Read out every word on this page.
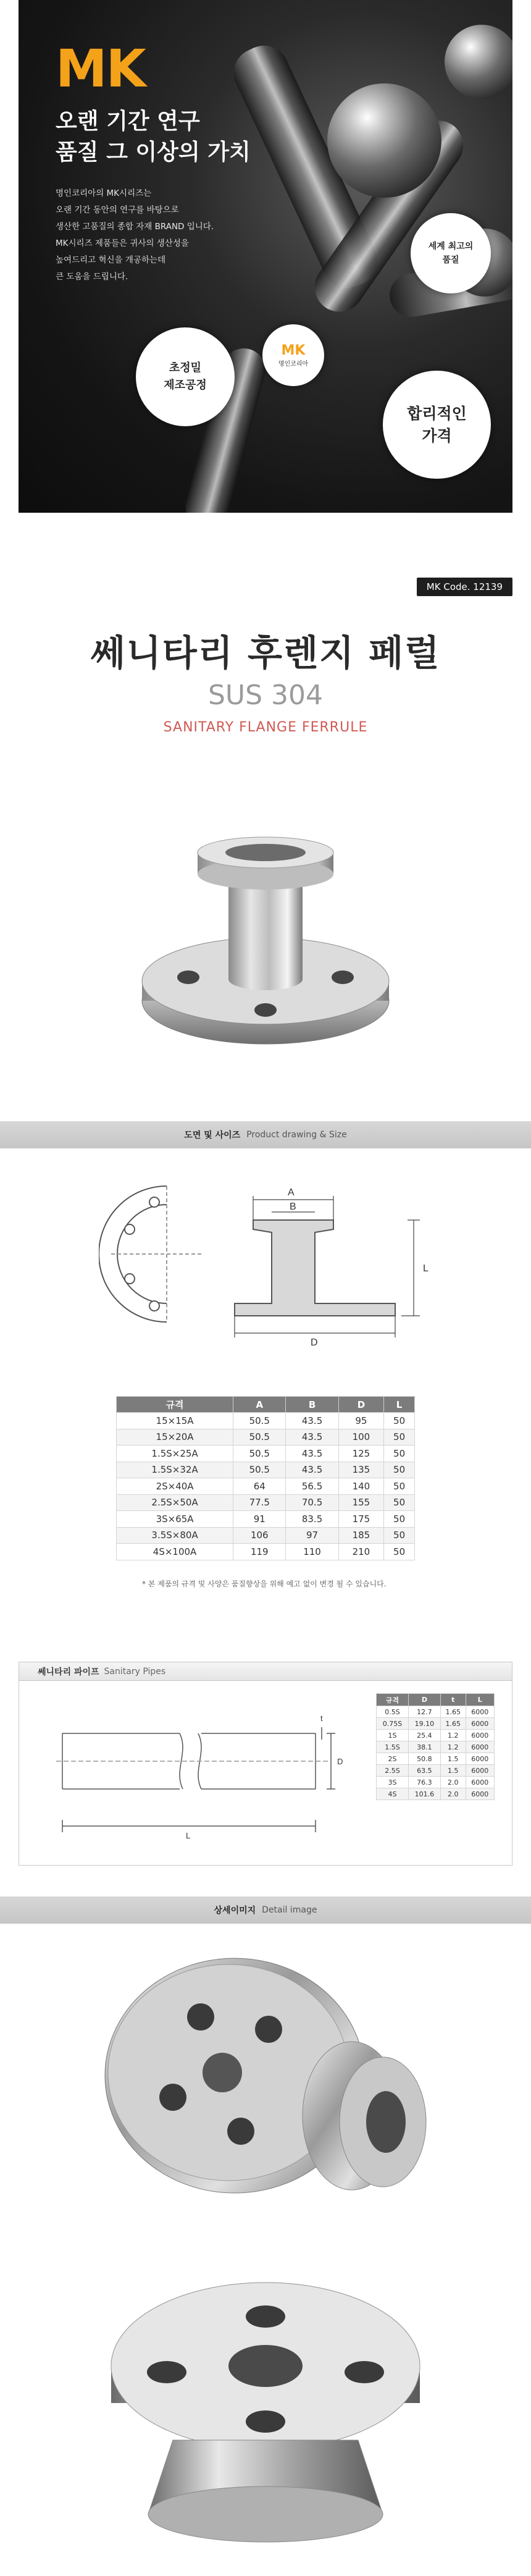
MK
오랜 기간 연구
품질 그 이상의 가치
명인코리아의 MK시리즈는
오랜 기간 동안의 연구를 바탕으로
생산한 고품질의 종합 자재 BRAND 입니다.
MK시리즈 제품들은 귀사의 생산성을
높여드리고 혁신을 개공하는데
큰 도움을 드립니다.
세계 최고의
품질
초정밀
제조공정
MK
명인코리아
합리적인
가격
MK Code. 12139
쎄니타리 후렌지 페럴
SUS 304
SANITARY FLANGE FERRULE
도면 및 사이즈 Product drawing & Size
A
B
D
L
규격	A	B	D	L
15×15A	50.5	43.5	95	50
15×20A	50.5	43.5	100	50
1.5S×25A	50.5	43.5	125	50
1.5S×32A	50.5	43.5	135	50
2S×40A	64	56.5	140	50
2.5S×50A	77.5	70.5	155	50
3S×65A	91	83.5	175	50
3.5S×80A	106	97	185	50
4S×100A	119	110	210	50
* 본 제품의 규격 및 사양은 품질향상을 위해 예고 없이 변경 될 수 있습니다.
쎄니타리 파이프 Sanitary Pipes
t
D
L
규격	D	t	L
0.5S	12.7	1.65	6000
0.75S	19.10	1.65	6000
1S	25.4	1.2	6000
1.5S	38.1	1.2	6000
2S	50.8	1.5	6000
2.5S	63.5	1.5	6000
3S	76.3	2.0	6000
4S	101.6	2.0	6000
상세이미지 Detail image
